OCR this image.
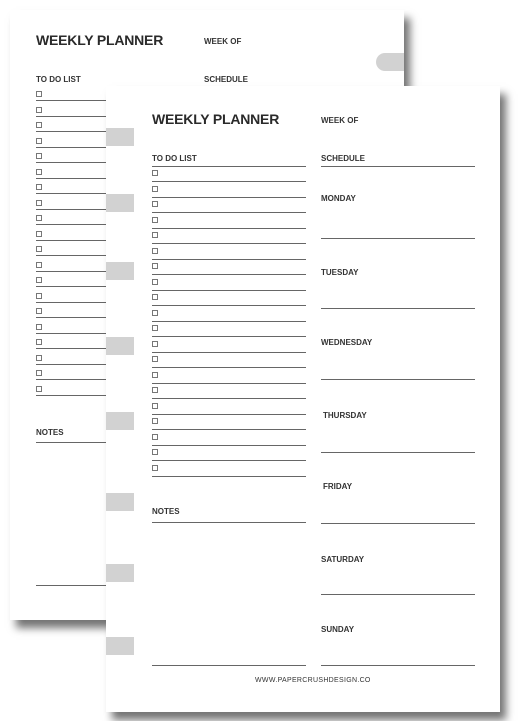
WEEKLY PLANNER	WEEK OF
TO DO LIST	SCHEDULE
NOTES
WEEKLY PLANNER	WEEK OF
TO DO LIST	SCHEDULE
NOTES
MONDAY
TUESDAY
WEDNESDAY
THURSDAY
FRIDAY
SATURDAY
SUNDAY
WWW.PAPERCRUSHDESIGN.CO
